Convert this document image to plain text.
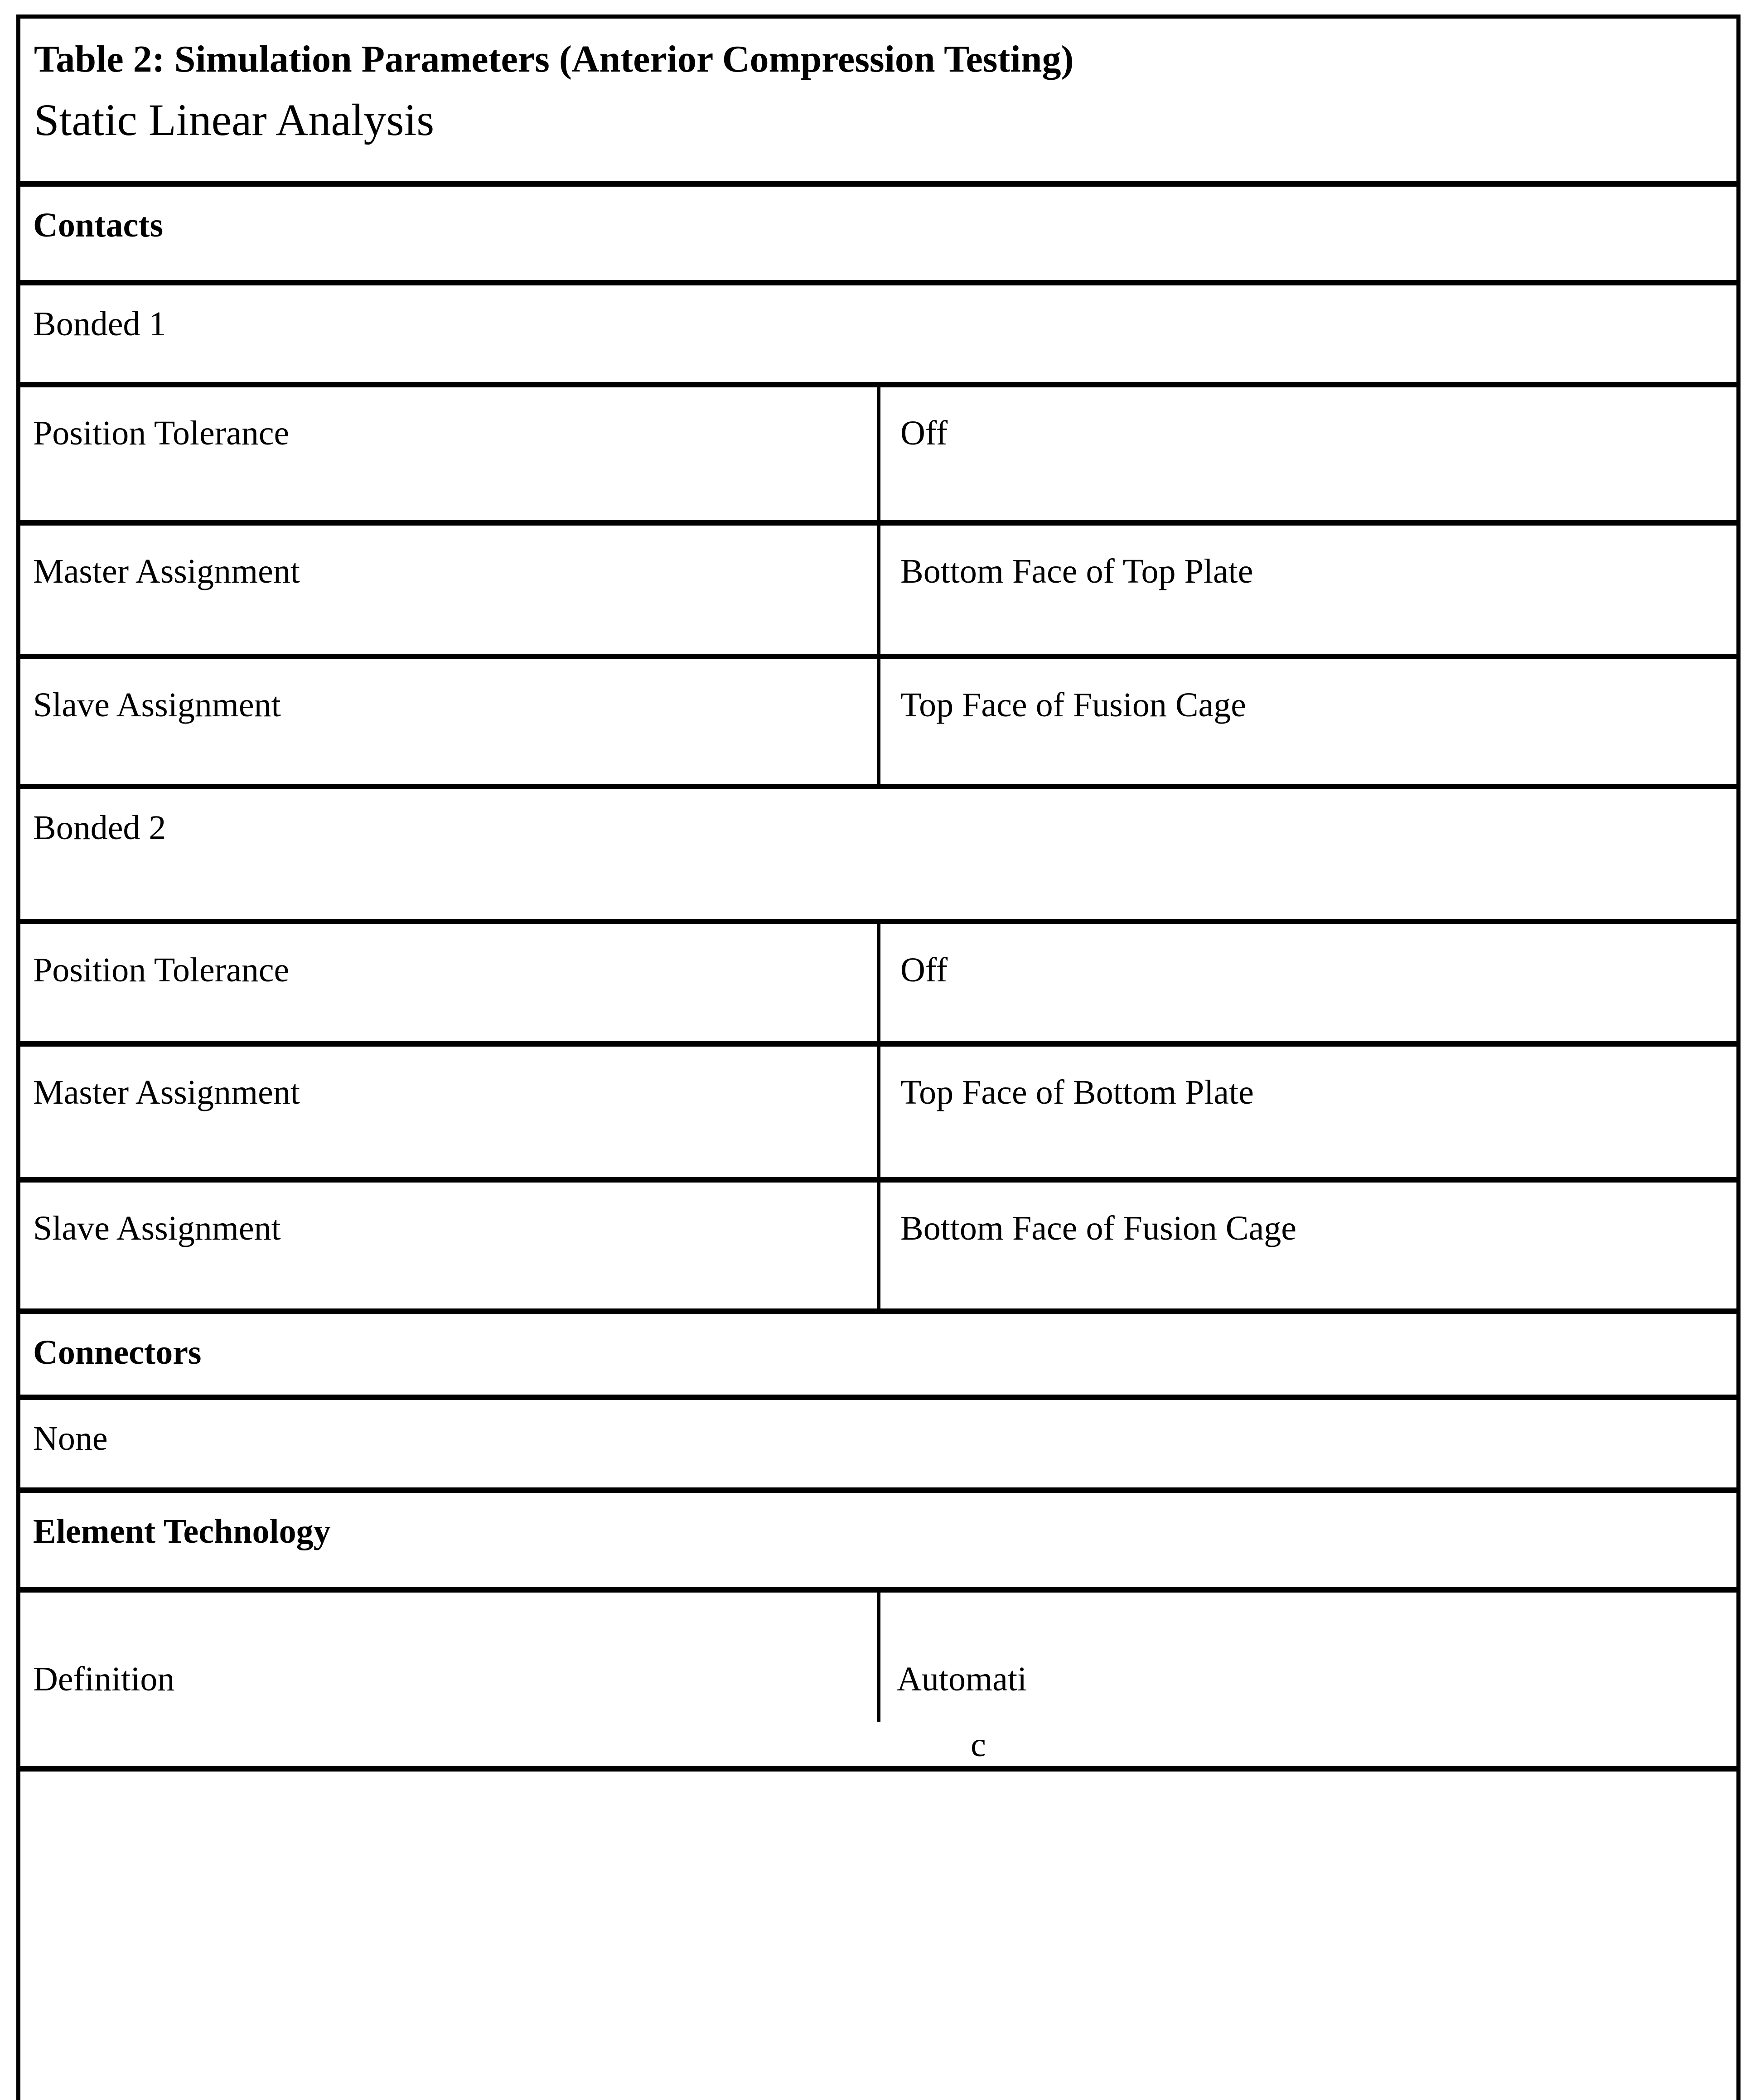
Table 2: Simulation Parameters (Anterior Compression Testing)
Static Linear Analysis
Contacts
Bonded 1
Position Tolerance	Off
Master Assignment	Bottom Face of Top Plate
Slave Assignment	Top Face of Fusion Cage
Bonded 2
Position Tolerance	Off
Master Assignment	Top Face of Bottom Plate
Slave Assignment	Bottom Face of Fusion Cage
Connectors
None
Element Technology
Definition	Automati
c
